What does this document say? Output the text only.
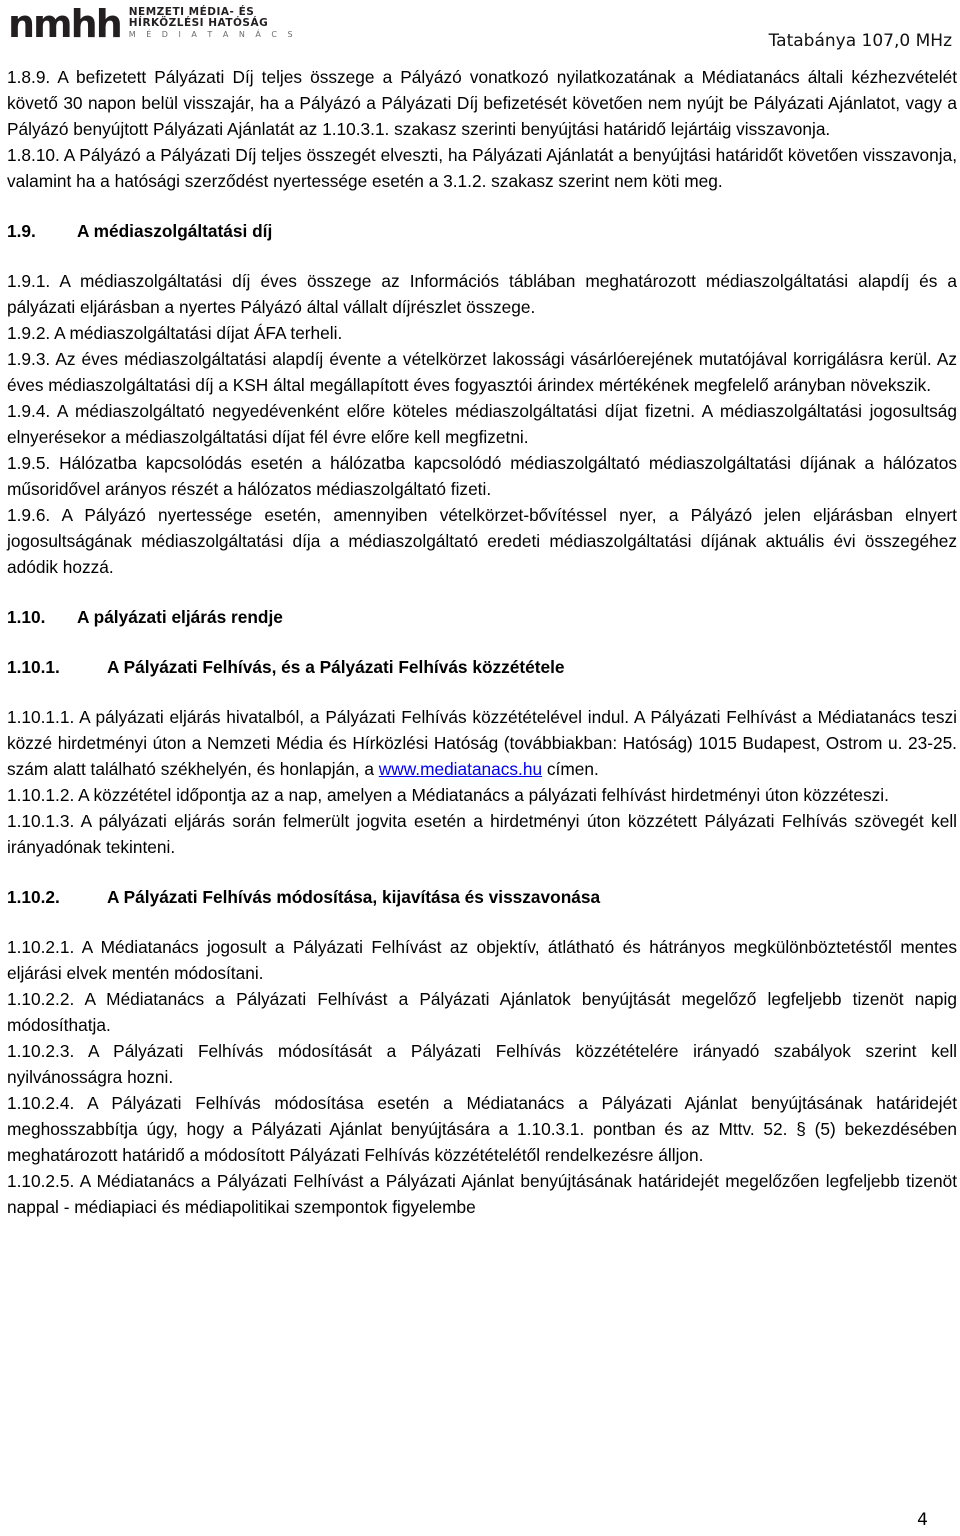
nmhh NEMZETI MÉDIA- ÉS
HÍRKÖZLÉSI HATÓSÁG
M É D I A T A N Á C S	Tatabánya 107,0 MHz

1.8.9. A befizetett Pályázati Díj teljes összege a Pályázó vonatkozó nyilatkozatának a Médiatanács általi kézhezvételét követő 30 napon belül visszajár, ha a Pályázó a Pályázati Díj befizetését követően nem nyújt be Pályázati Ajánlatot, vagy a Pályázó benyújtott Pályázati Ajánlatát az 1.10.3.1. szakasz szerinti benyújtási határidő lejártáig visszavonja.

1.8.10. A Pályázó a Pályázati Díj teljes összegét elveszti, ha Pályázati Ajánlatát a benyújtási határidőt követően visszavonja, valamint ha a hatósági szerződést nyertessége esetén a 3.1.2. szakasz szerint nem köti meg.

1.9.	A médiaszolgáltatási díj

1.9.1. A médiaszolgáltatási díj éves összege az Információs táblában meghatározott médiaszolgáltatási alapdíj és a pályázati eljárásban a nyertes Pályázó által vállalt díjrészlet összege.

1.9.2. A médiaszolgáltatási díjat ÁFA terheli.

1.9.3. Az éves médiaszolgáltatási alapdíj évente a vételkörzet lakossági vásárlóerejének mutatójával korrigálásra kerül. Az éves médiaszolgáltatási díj a KSH által megállapított éves fogyasztói árindex mértékének megfelelő arányban növekszik.

1.9.4. A médiaszolgáltató negyedévenként előre köteles médiaszolgáltatási díjat fizetni. A médiaszolgáltatási jogosultság elnyerésekor a médiaszolgáltatási díjat fél évre előre kell megfizetni.

1.9.5. Hálózatba kapcsolódás esetén a hálózatba kapcsolódó médiaszolgáltató médiaszolgáltatási díjának a hálózatos műsoridővel arányos részét a hálózatos médiaszolgáltató fizeti.

1.9.6. A Pályázó nyertessége esetén, amennyiben vételkörzet-bővítéssel nyer, a Pályázó jelen eljárásban elnyert jogosultságának médiaszolgáltatási díja a médiaszolgáltató eredeti médiaszolgáltatási díjának aktuális évi összegéhez adódik hozzá.

1.10.	A pályázati eljárás rendje

1.10.1.	A Pályázati Felhívás, és a Pályázati Felhívás közzététele

1.10.1.1. A pályázati eljárás hivatalból, a Pályázati Felhívás közzétételével indul. A Pályázati Felhívást a Médiatanács teszi közzé hirdetményi úton a Nemzeti Média és Hírközlési Hatóság (továbbiakban: Hatóság) 1015 Budapest, Ostrom u. 23-25. szám alatt található székhelyén, és honlapján, a www.mediatanacs.hu címen.

1.10.1.2. A közzététel időpontja az a nap, amelyen a Médiatanács a pályázati felhívást hirdetményi úton közzéteszi.

1.10.1.3. A pályázati eljárás során felmerült jogvita esetén a hirdetményi úton közzétett Pályázati Felhívás szövegét kell irányadónak tekinteni.

1.10.2.	A Pályázati Felhívás módosítása, kijavítása és visszavonása

1.10.2.1. A Médiatanács jogosult a Pályázati Felhívást az objektív, átlátható és hátrányos megkülönböztetéstől mentes eljárási elvek mentén módosítani.

1.10.2.2. A Médiatanács a Pályázati Felhívást a Pályázati Ajánlatok benyújtását megelőző legfeljebb tizenöt napig módosíthatja.

1.10.2.3. A Pályázati Felhívás módosítását a Pályázati Felhívás közzétételére irányadó szabályok szerint kell nyilvánosságra hozni.

1.10.2.4. A Pályázati Felhívás módosítása esetén a Médiatanács a Pályázati Ajánlat benyújtásának határidejét meghosszabbítja úgy, hogy a Pályázati Ajánlat benyújtására a 1.10.3.1. pontban és az Mttv. 52. § (5) bekezdésében meghatározott határidő a módosított Pályázati Felhívás közzétételétől rendelkezésre álljon.

1.10.2.5. A Médiatanács a Pályázati Felhívást a Pályázati Ajánlat benyújtásának határidejét megelőzően legfeljebb tizenöt nappal - médiapiaci és médiapolitikai szempontok figyelembe

4
